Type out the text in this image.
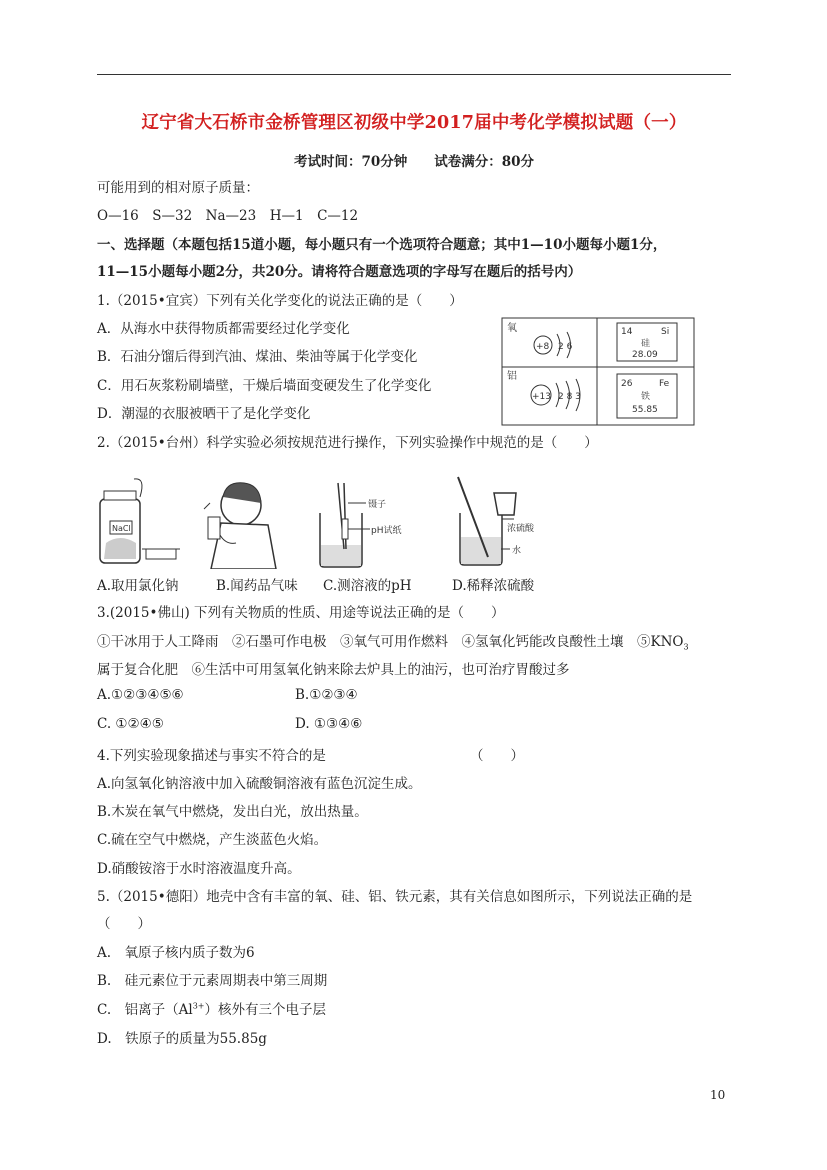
辽宁省大石桥市金桥管理区初级中学2017届中考化学模拟试题（一）
考试时间：70分钟　　试卷满分：80分
可能用到的相对原子质量：
O—16　S—32　Na—23　H—1　C—12
一、选择题（本题包括15道小题，每小题只有一个选项符合题意；其中1—10小题每小题1分，
11—15小题每小题2分，共20分。请将符合题意选项的字母写在题后的括号内）
1.（2015•宜宾）下列有关化学变化的说法正确的是（　　）
A．从海水中获得物质都需要经过化学变化
B．石油分馏后得到汽油、煤油、柴油等属于化学变化
C．用石灰浆粉刷墙壁，干燥后墙面变硬发生了化学变化
D．潮湿的衣服被晒干了是化学变化
氧
+8 2 6
铝
+13 2 8 3
14	Si
硅
28.09
26	Fe
铁
55.85
2.（2015•台州）科学实验必须按规范进行操作，下列实验操作中规范的是（　　）
NaCl
镊子
pH试纸	浓硫酸
水
A.取用氯化钠	B.闻药品气味 C.测溶液的pH	D.稀释浓硫酸
3.(2015•佛山) 下列有关物质的性质、用途等说法正确的是（　　）
①干冰用于人工降雨　②石墨可作电极　③氧气可用作燃料　④氢氧化钙能改良酸性土壤　$⑤KNO_3$
属于复合化肥　⑥生活中可用氢氧化钠来除去炉具上的油污，也可治疗胃酸过多
A.①②③④⑤⑥	B.①②③④
C. ①②④⑤	D. ①③④⑥
4.下列实验现象描述与事实不符合的是	（　　）
A.向氢氧化钠溶液中加入硫酸铜溶液有蓝色沉淀生成。
B.木炭在氧气中燃烧，发出白光，放出热量。
C.硫在空气中燃烧，产生淡蓝色火焰。
D.硝酸铵溶于水时溶液温度升高。
5.（2015•德阳）地壳中含有丰富的氧、硅、铝、铁元素，其有关信息如图所示，下列说法正确的是
（　　）
A.　氧原子核内质子数为6
B.　硅元素位于元素周期表中第三周期
C.　铝离子$(Al^{3+})$核外有三个电子层
D.　铁原子的质量为55.85g
10
